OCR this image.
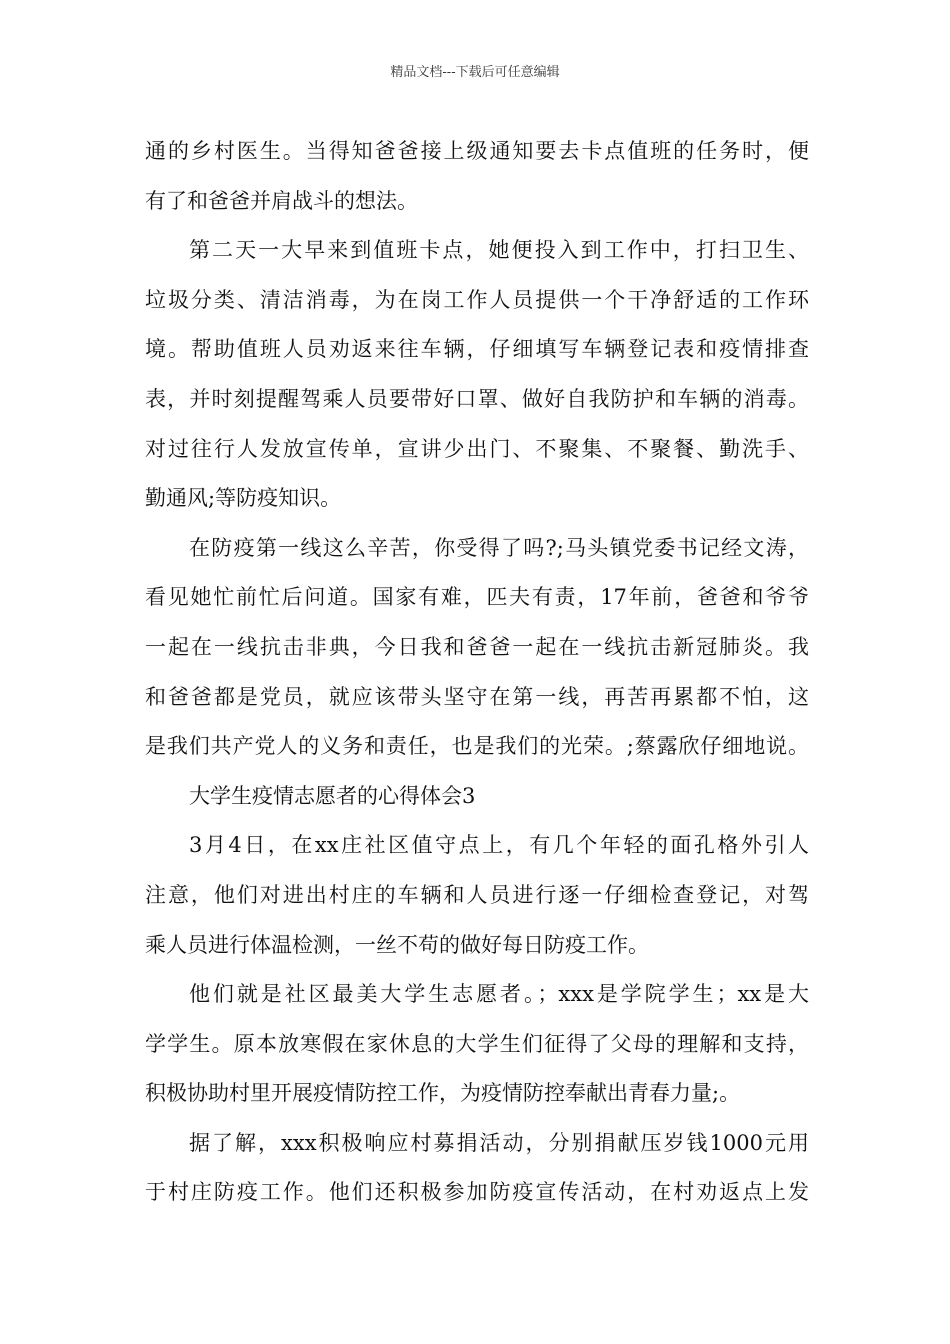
精品文档---下载后可任意编辑
通的乡村医生。当得知爸爸接上级通知要去卡点值班的任务时，便
有了和爸爸并肩战斗的想法。
第二天一大早来到值班卡点，她便投入到工作中，打扫卫生、
垃圾分类、清洁消毒，为在岗工作人员提供一个干净舒适的工作环
境。帮助值班人员劝返来往车辆，仔细填写车辆登记表和疫情排查
表，并时刻提醒驾乘人员要带好口罩、做好自我防护和车辆的消毒。
对过往行人发放宣传单，宣讲少出门、不聚集、不聚餐、勤洗手、
勤通风;等防疫知识。
在防疫第一线这么辛苦，你受得了吗?;马头镇党委书记经文涛，
看见她忙前忙后问道。国家有难，匹夫有责，17年前，爸爸和爷爷
一起在一线抗击非典，今日我和爸爸一起在一线抗击新冠肺炎。我
和爸爸都是党员，就应该带头坚守在第一线，再苦再累都不怕，这
是我们共产党人的义务和责任，也是我们的光荣。;蔡露欣仔细地说。
大学生疫情志愿者的心得体会3
3月4日，在xx庄社区值守点上，有几个年轻的面孔格外引人
注意，他们对进出村庄的车辆和人员进行逐一仔细检查登记，对驾
乘人员进行体温检测，一丝不苟的做好每日防疫工作。
他们就是社区最美大学生志愿者。；xxx是学院学生；xx是大
学学生。原本放寒假在家休息的大学生们征得了父母的理解和支持，
积极协助村里开展疫情防控工作，为疫情防控奉献出青春力量;。
据了解，xxx积极响应村募捐活动，分别捐献压岁钱1000元用
于村庄防疫工作。他们还积极参加防疫宣传活动，在村劝返点上发
